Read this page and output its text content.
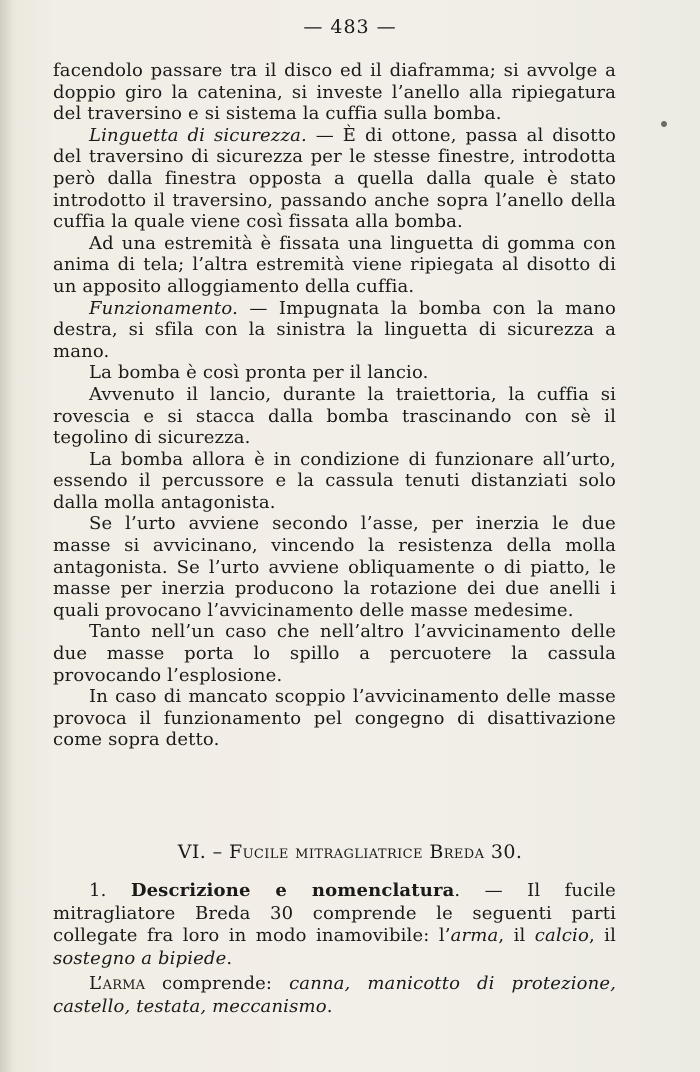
— 483 —

facendolo passare tra il disco ed il diaframma; si avvolge a doppio giro la catenina, si investe l’anello alla ripiegatura del traversino e si sistema la cuffia sulla bomba.

Linguetta di sicurezza. — È di ottone, passa al disotto del traversino di sicurezza per le stesse finestre, introdotta però dalla finestra opposta a quella dalla quale è stato introdotto il traversino, passando anche sopra l’anello della cuffia la quale viene così fissata alla bomba.

Ad una estremità è fissata una linguetta di gomma con anima di tela; l’altra estremità viene ripiegata al disotto di un apposito alloggiamento della cuffia.

Funzionamento. — Impugnata la bomba con la mano destra, si sfila con la sinistra la linguetta di sicurezza a mano.

La bomba è così pronta per il lancio.

Avvenuto il lancio, durante la traiettoria, la cuffia si rovescia e si stacca dalla bomba trascinando con sè il tegolino di sicurezza.

La bomba allora è in condizione di funzionare all’urto, essendo il percussore e la cassula tenuti distanziati solo dalla molla antagonista.

Se l’urto avviene secondo l’asse, per inerzia le due masse si avvicinano, vincendo la resistenza della molla antagonista. Se l’urto avviene obliquamente o di piatto, le masse per inerzia producono la rotazione dei due anelli i quali provocano l’avvicinamento delle masse medesime.

Tanto nell’un caso che nell’altro l’avvicinamento delle due masse porta lo spillo a percuotere la cassula provocando l’esplosione.

In caso di mancato scoppio l’avvicinamento delle masse provoca il funzionamento pel congegno di disattivazione come sopra detto.

VI. – Fucile mitragliatrice Breda 30.

1. Descrizione e nomenclatura. — Il fucile mitragliatore Breda 30 comprende le seguenti parti collegate fra loro in modo inamovibile: l’arma, il calcio, il sostegno a bipiede.

L’arma comprende: canna, manicotto di protezione, castello, testata, meccanismo.
